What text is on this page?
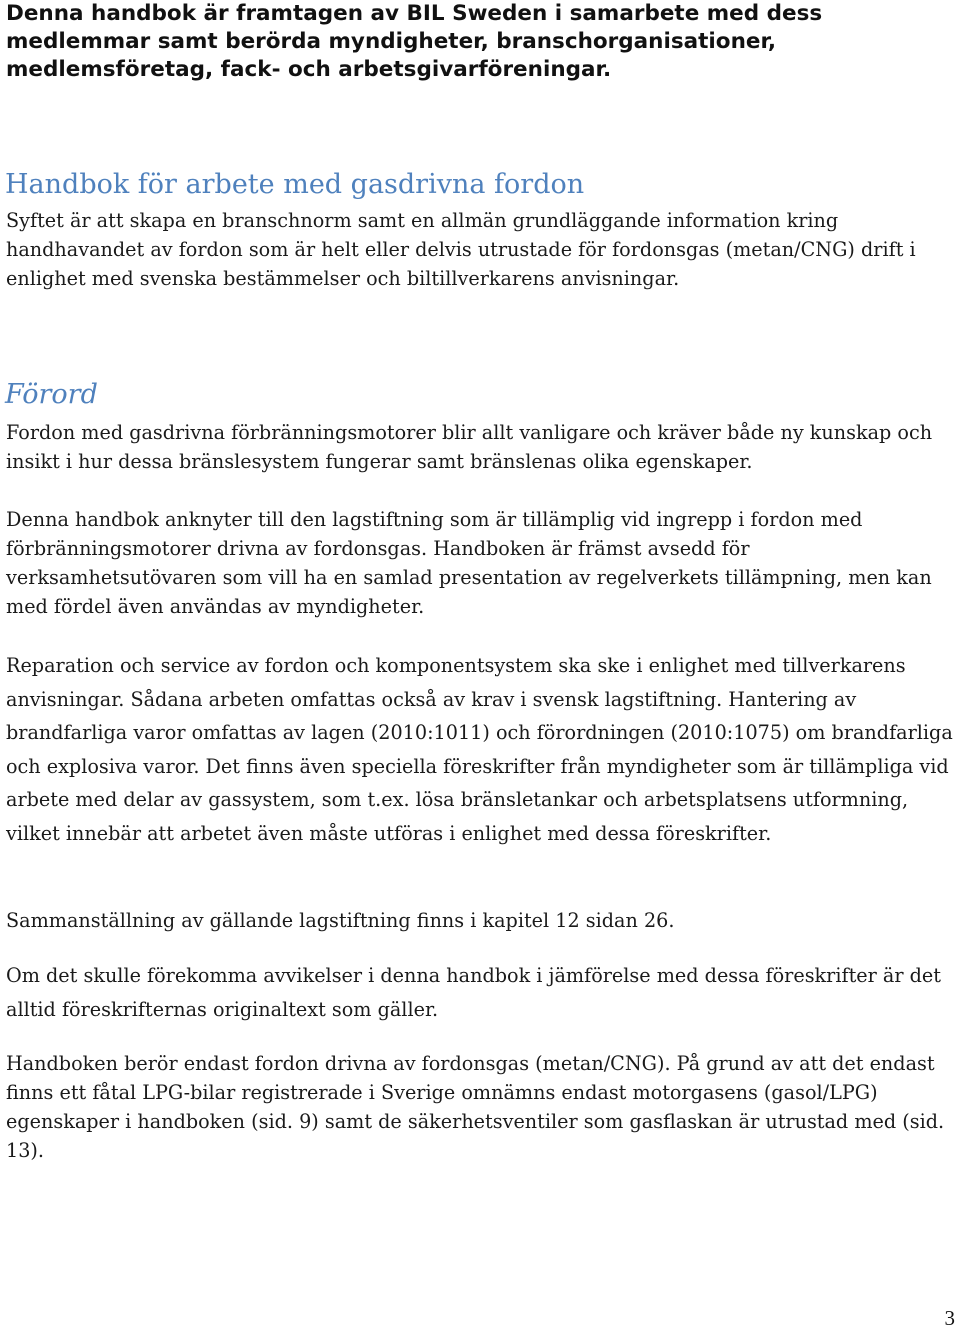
Denna handbok är framtagen av BIL Sweden i samarbete med dess medlemmar samt berörda myndigheter, branschorganisationer, medlemsföretag, fack- och arbetsgivarföreningar.

Handbok för arbete med gasdrivna fordon

Syftet är att skapa en branschnorm samt en allmän grundläggande information kring handhavandet av fordon som är helt eller delvis utrustade för fordonsgas (metan/CNG) drift i enlighet med svenska bestämmelser och biltillverkarens anvisningar.

Förord

Fordon med gasdrivna förbränningsmotorer blir allt vanligare och kräver både ny kunskap och insikt i hur dessa bränslesystem fungerar samt bränslenas olika egenskaper.

Denna handbok anknyter till den lagstiftning som är tillämplig vid ingrepp i fordon med förbränningsmotorer drivna av fordonsgas. Handboken är främst avsedd för verksamhetsutövaren som vill ha en samlad presentation av regelverkets tillämpning, men kan med fördel även användas av myndigheter.

Reparation och service av fordon och komponentsystem ska ske i enlighet med tillverkarens anvisningar. Sådana arbeten omfattas också av krav i svensk lagstiftning. Hantering av brandfarliga varor omfattas av lagen (2010:1011) och förordningen (2010:1075) om brandfarliga och explosiva varor. Det finns även speciella föreskrifter från myndigheter som är tillämpliga vid arbete med delar av gassystem, som t.ex. lösa bränsletankar och arbetsplatsens utformning, vilket innebär att arbetet även måste utföras i enlighet med dessa föreskrifter.

Sammanställning av gällande lagstiftning finns i kapitel 12 sidan 26.

Om det skulle förekomma avvikelser i denna handbok i jämförelse med dessa föreskrifter är det alltid föreskrifternas originaltext som gäller.

Handboken berör endast fordon drivna av fordonsgas (metan/CNG). På grund av att det endast finns ett fåtal LPG-bilar registrerade i Sverige omnämns endast motorgasens (gasol/LPG) egenskaper i handboken (sid. 9) samt de säkerhetsventiler som gasflaskan är utrustad med (sid. 13).

3
